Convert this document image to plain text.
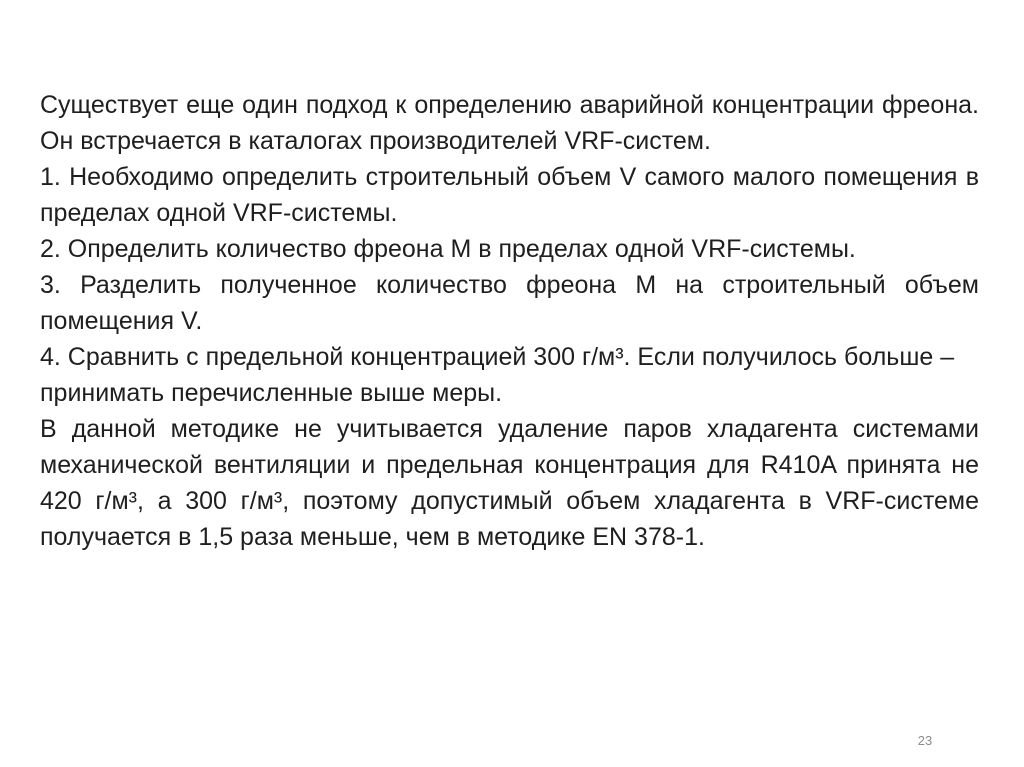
Существует еще один подход к определению аварийной концентрации фреона. Он встречается в каталогах производителей VRF-систем.

1. Необходимо определить строительный объем V самого малого помещения в пределах одной VRF-системы.

2. Определить количество фреона M в пределах одной VRF-системы.

3. Разделить полученное количество фреона M на строительный объем помещения V.

4. Сравнить с предельной концентрацией 300 г/м³. Если получилось больше – принимать перечисленные выше меры.

В данной методике не учитывается удаление паров хладагента системами механической вентиляции и предельная концентрация для R410A принята не 420 г/м³, а 300 г/м³, поэтому допустимый объем хладагента в VRF-системе получается в 1,5 раза меньше, чем в методике EN 378-1.

23
